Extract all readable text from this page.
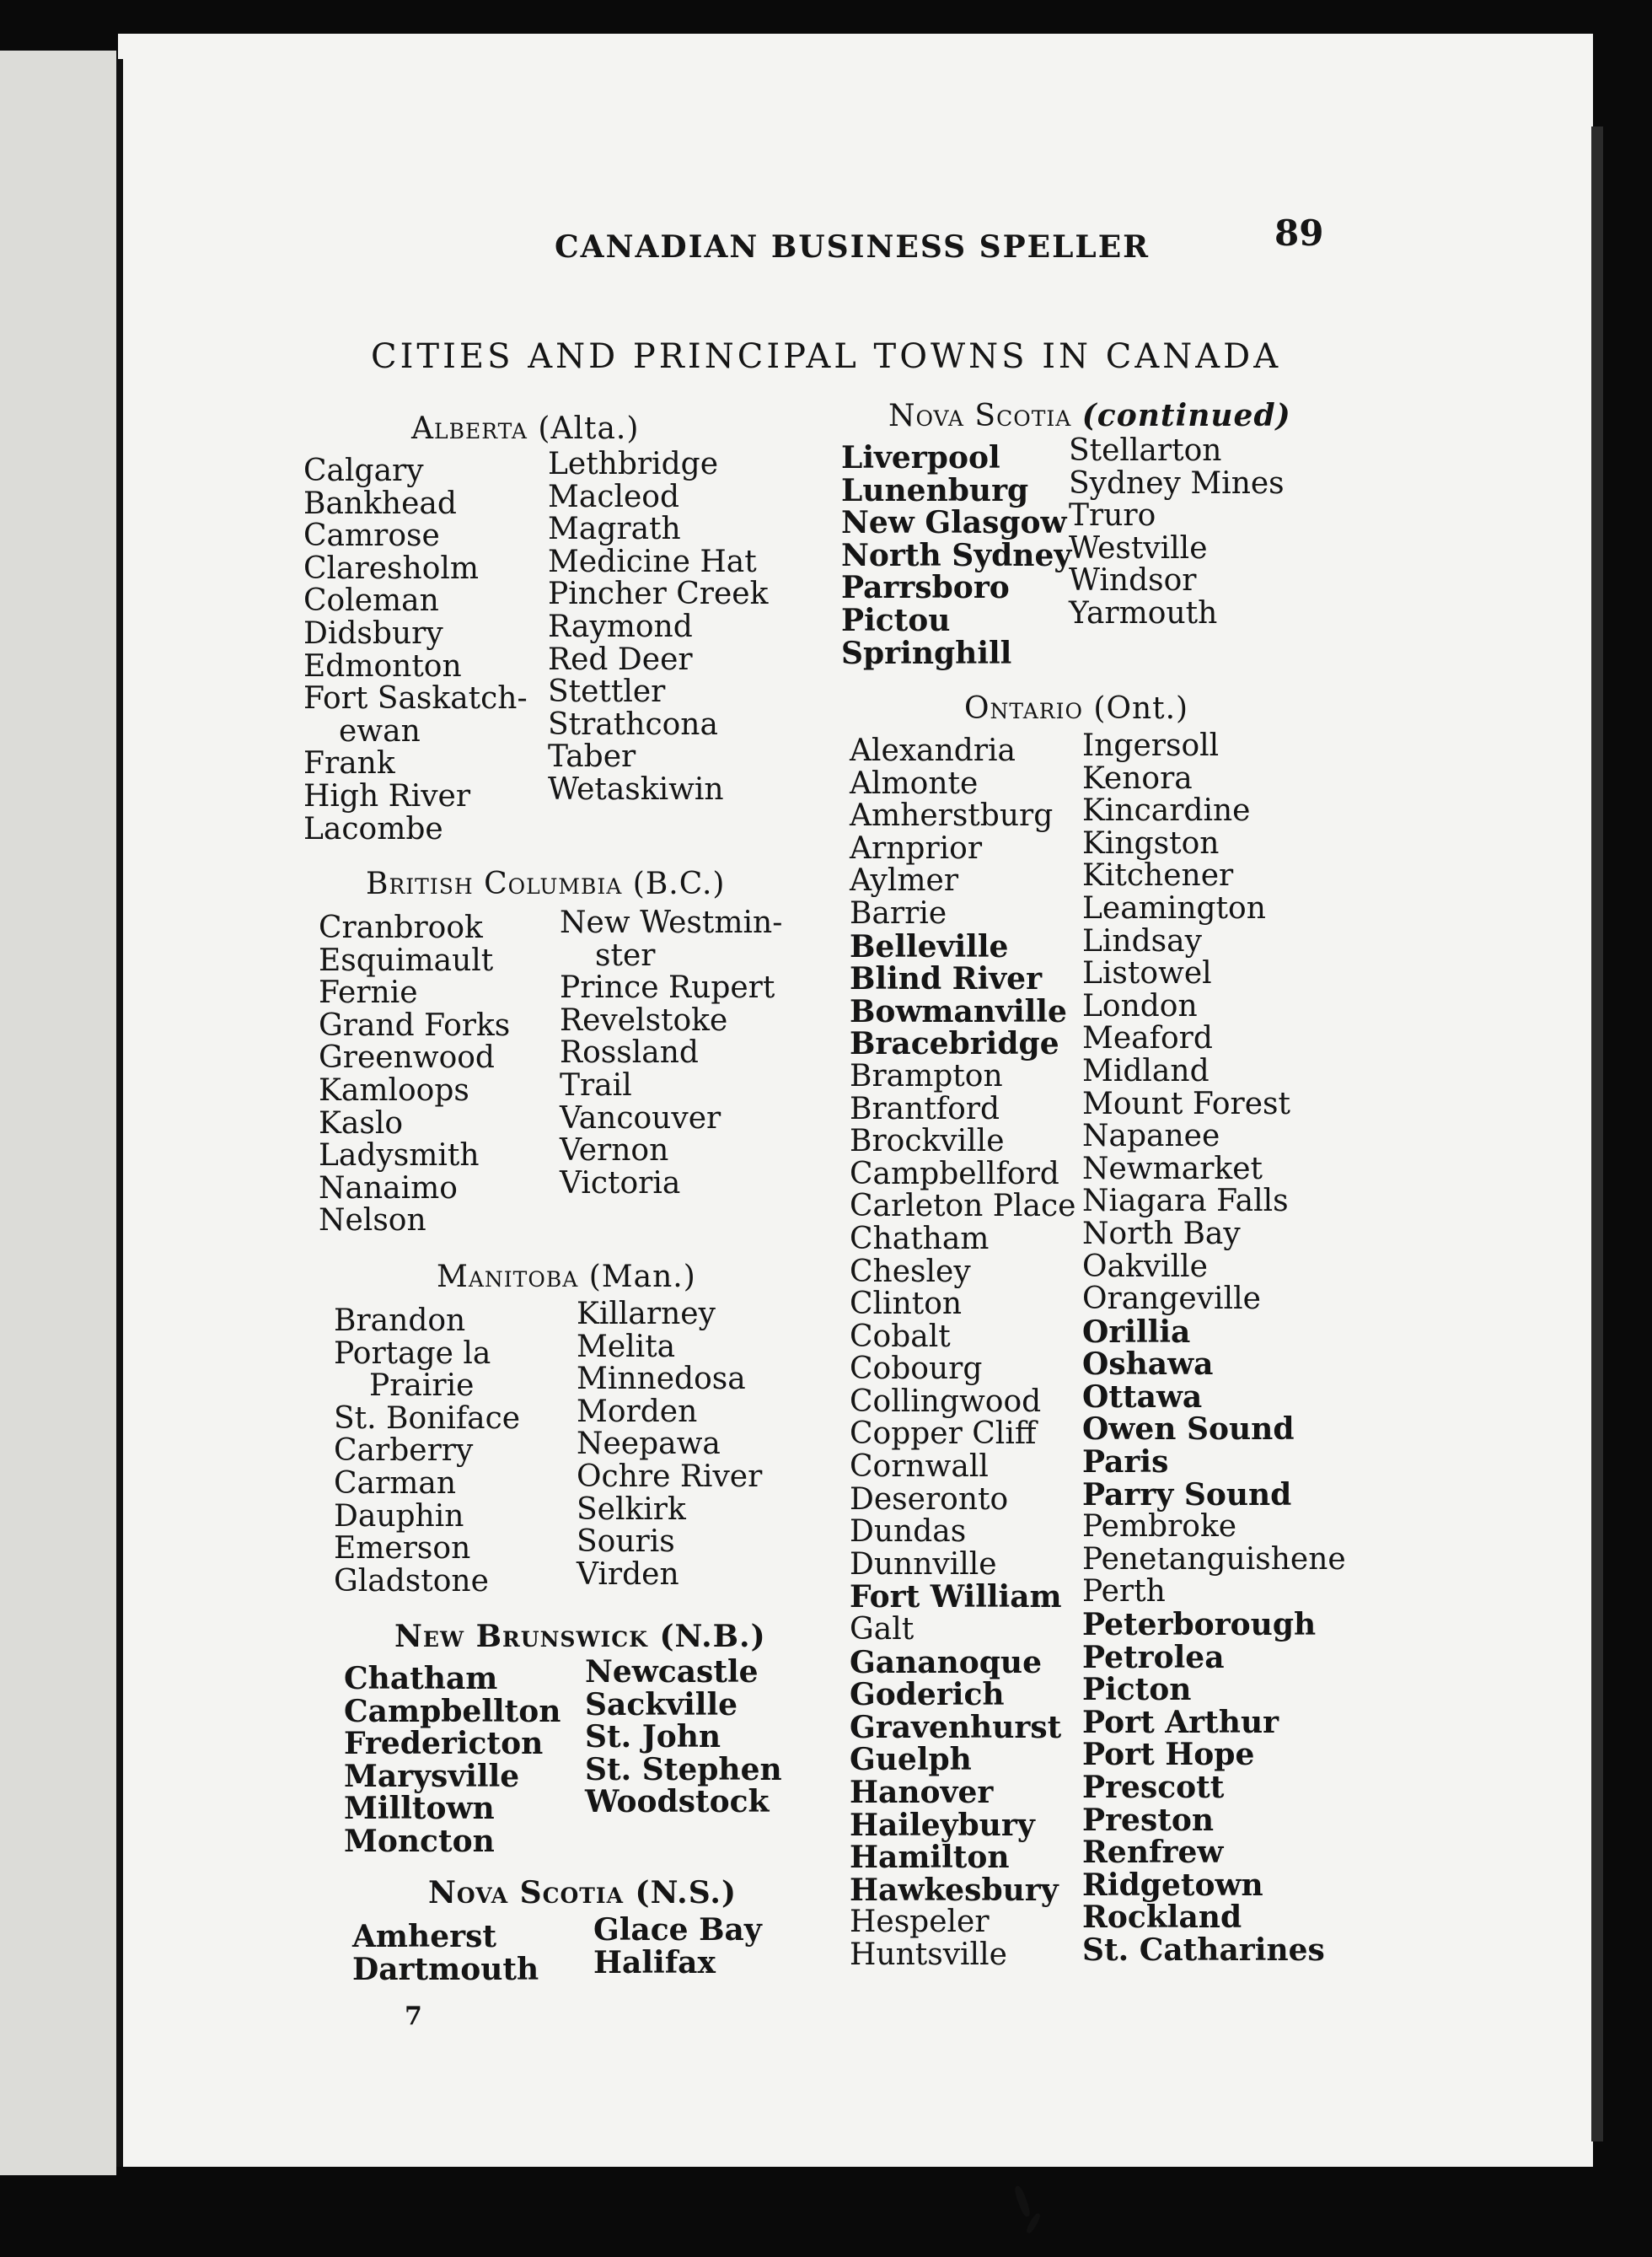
CANADIAN BUSINESS SPELLER	89
CITIES AND PRINCIPAL TOWNS IN CANADA
Alberta (Alta.)
Calgary
Bankhead
Camrose
Claresholm
Coleman
Didsbury
Edmonton
Fort Saskatch-
ewan
Frank
High River
Lacombe
Lethbridge
Macleod
Magrath
Medicine Hat
Pincher Creek
Raymond
Red Deer
Stettler
Strathcona
Taber
Wetaskiwin
British Columbia (B.C.)
Cranbrook
Esquimault
Fernie
Grand Forks
Greenwood
Kamloops
Kaslo
Ladysmith
Nanaimo
Nelson
New Westmin-
ster
Prince Rupert
Revelstoke
Rossland
Trail
Vancouver
Vernon
Victoria
Manitoba (Man.)
Brandon
Portage la
Prairie
St. Boniface
Carberry
Carman
Dauphin
Emerson
Gladstone
Killarney
Melita
Minnedosa
Morden
Neepawa
Ochre River
Selkirk
Souris
Virden
New Brunswick (N.B.)
Chatham
Campbellton
Fredericton
Marysville
Milltown
Moncton
Newcastle
Sackville
St. John
St. Stephen
Woodstock
Nova Scotia (N.S.)
Amherst
Dartmouth
Glace Bay
Halifax
7
Nova Scotia (continued)
Liverpool
Lunenburg
New Glasgow
North Sydney
Parrsboro
Pictou
Springhill
Stellarton
Sydney Mines
Truro
Westville
Windsor
Yarmouth
Ontario (Ont.)
Alexandria
Almonte
Amherstburg
Arnprior
Aylmer
Barrie
Belleville
Blind River
Bowmanville
Bracebridge
Brampton
Brantford
Brockville
Campbellford
Carleton Place
Chatham
Chesley
Clinton
Cobalt
Cobourg
Collingwood
Copper Cliff
Cornwall
Deseronto
Dundas
Dunnville
Fort William
Galt
Gananoque
Goderich
Gravenhurst
Guelph
Hanover
Haileybury
Hamilton
Hawkesbury
Hespeler
Huntsville
Ingersoll
Kenora
Kincardine
Kingston
Kitchener
Leamington
Lindsay
Listowel
London
Meaford
Midland
Mount Forest
Napanee
Newmarket
Niagara Falls
North Bay
Oakville
Orangeville
Orillia
Oshawa
Ottawa
Owen Sound
Paris
Parry Sound
Pembroke
Penetanguishene
Perth
Peterborough
Petrolea
Picton
Port Arthur
Port Hope
Prescott
Preston
Renfrew
Ridgetown
Rockland
St. Catharines
